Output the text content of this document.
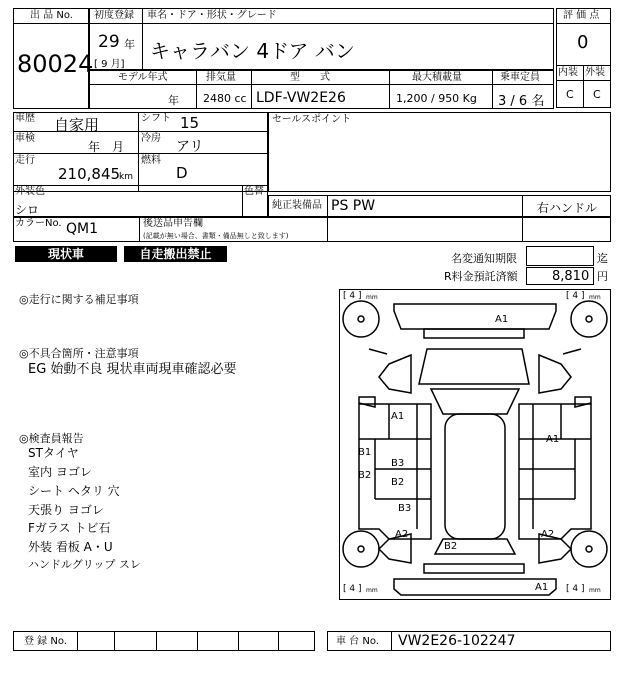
出 品 No.
80024
初度登録 車名・ドア・形状・グレード
29 年
[ 9 月]
キャラバン 4ドア バン
評 価 点
0
内装 外装
C C
モデル年式	排気量	型　　式	最大積載量	乗車定員
年 2480 cc LDF-VW2E26	1,200 / 950 Kg 3 / 6 名
車歴 自家用	シフト 15
車検
年　月
冷房
アリ
走行
210,845
km
燃料
D
セールスポイント
外装色
シロ
色替
純正装備品 PS PW	右ハンドル
カラーNo. QM1	後送品申告欄
(記載が無い場合、書類・備品無しと致します)
現状車	自走搬出禁止	名変通知期限	迄
R料金預託済額	8,810 円
◎走行に関する補足事項
◎不具合箇所・注意事項
EG 始動不良 現状車両現車確認必要
◎検査員報告
STタイヤ
室内 ヨゴレ
シート ヘタリ 穴
天張り ヨゴレ
Fガラス トビ石
外装 看板 A・U
ハンドルグリップ スレ
[ 4 ] mm	[ 4 ] mm
[ 4 ] mm	[ 4 ] mm
A1
A1
A1
B1
B3
B2
B2
B3
A2	A2
B2
A1
登 録 No.	車 台 No. VW2E26-102247
